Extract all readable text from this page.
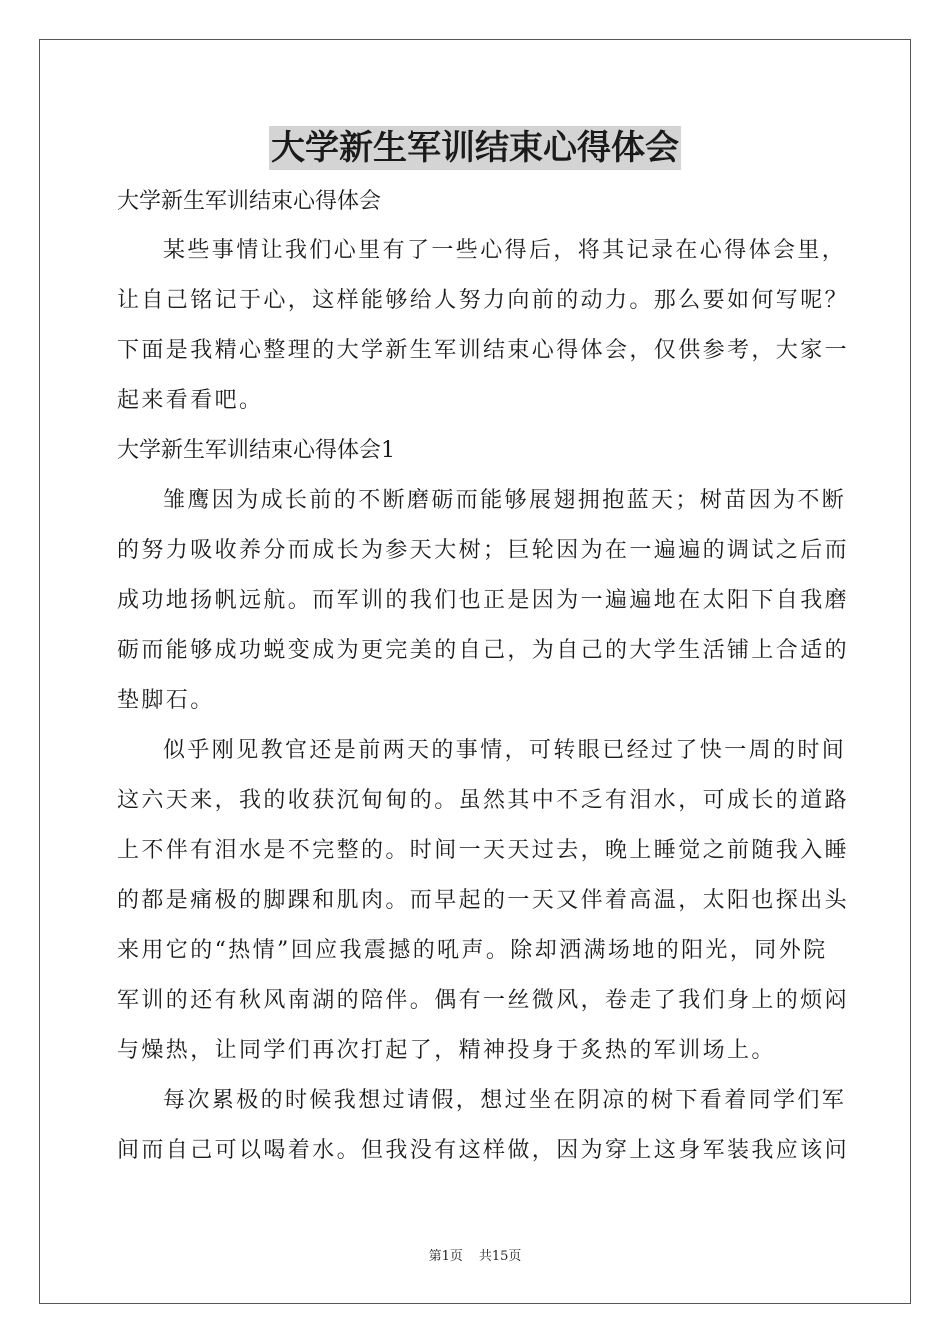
大学新生军训结束心得体会

大学新生军训结束心得体会

某些事情让我们心里有了一些心得后，将其记录在心得体会里，
让自己铭记于心，这样能够给人努力向前的动力。那么要如何写呢？
下面是我精心整理的大学新生军训结束心得体会，仅供参考，大家一
起来看看吧。

大学新生军训结束心得体会1

雏鹰因为成长前的不断磨砺而能够展翅拥抱蓝天；树苗因为不断
的努力吸收养分而成长为参天大树；巨轮因为在一遍遍的调试之后而
成功地扬帆远航。而军训的我们也正是因为一遍遍地在太阳下自我磨
砺而能够成功蜕变成为更完美的自己，为自己的大学生活铺上合适的
垫脚石。
似乎刚见教官还是前两天的事情，可转眼已经过了快一周的时间
这六天来，我的收获沉甸甸的。虽然其中不乏有泪水，可成长的道路
上不伴有泪水是不完整的。时间一天天过去，晚上睡觉之前随我入睡
的都是痛极的脚踝和肌肉。而早起的一天又伴着高温，太阳也探出头
来用它的“热情”回应我震撼的吼声。除却洒满场地的阳光，同外院
军训的还有秋风南湖的陪伴。偶有一丝微风，卷走了我们身上的烦闷
与燥热，让同学们再次打起了，精神投身于炙热的军训场上。
每次累极的时候我想过请假，想过坐在阴凉的树下看着同学们军
间而自己可以喝着水。但我没有这样做，因为穿上这身军装我应该问
第1页 共15页
